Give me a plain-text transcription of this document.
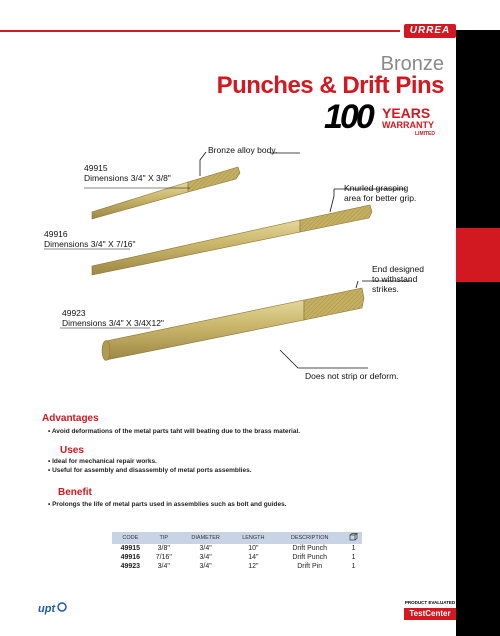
URREA
Bronze
Punches & Drift Pins
100 YEARS
WARRANTY
LIMITED
49915
Dimensions 3/4" X 3/8"
49916
Dimensions 3/4" X 7/16"
49923
Dimensions 3/4" X 3/4X12"
Bronze alloy body.
Knurled grasping
area for better grip.
End designed
to withstand
strikes.
Does not strip or deform.
Advantages
• Avoid deformations of the metal parts taht will beating due to the brass material.
Uses
• Ideal for mechanical repair works.
• Useful for assembly and disassembly of metal ports assemblies.
Benefit
• Prolongs the life of metal parts used in assemblies such as bolt and guides.
CODE	TIP	DIAMETER	LENGTH	DESCRIPTION	
49915	3/8"	3/4"	10"	Drift Punch	1
49916	7/16"	3/4"	14"	Drift Punch	1
49923	3/4"	3/4"	12"	Drift Pin	1
upt
PRODUCT EVALUATED
TestCenter
